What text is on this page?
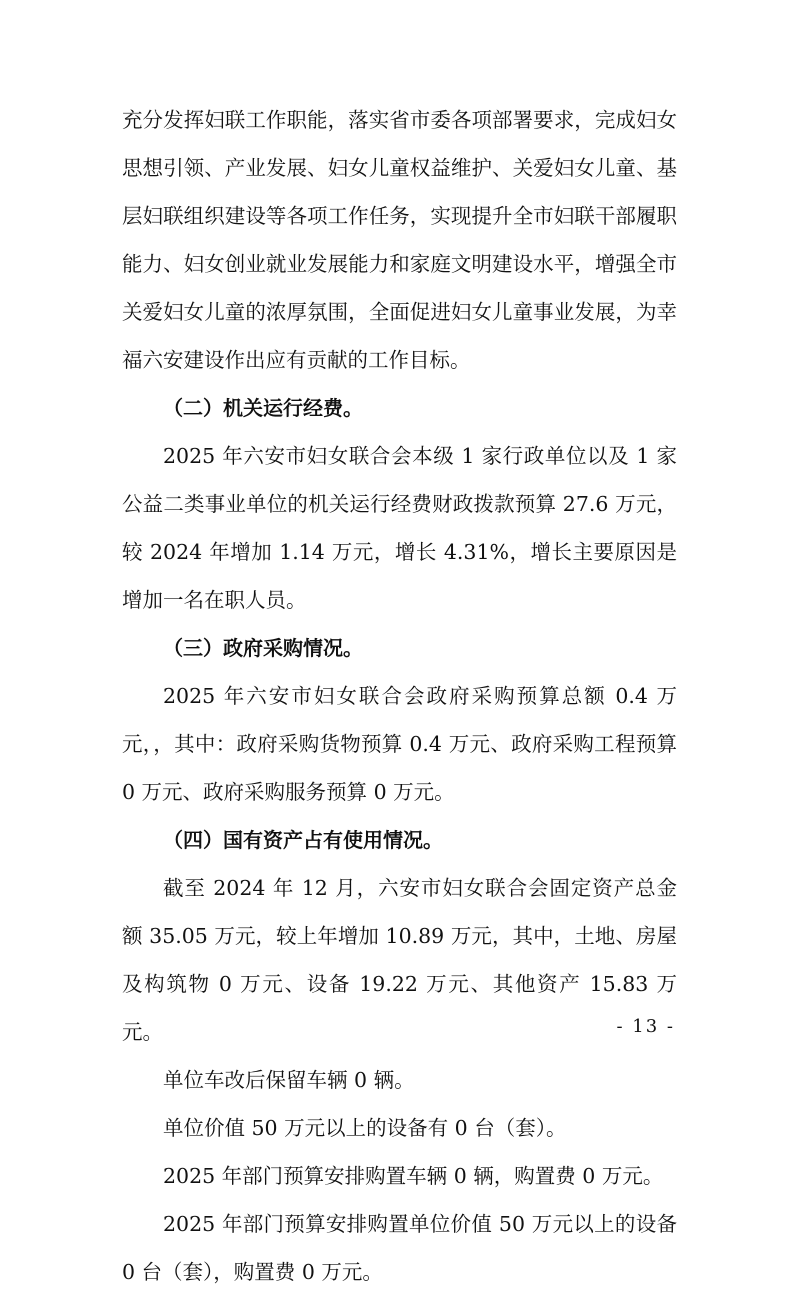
充分发挥妇联工作职能，落实省市委各项部署要求，完成妇女思想引领、产业发展、妇女儿童权益维护、关爱妇女儿童、基层妇联组织建设等各项工作任务，实现提升全市妇联干部履职能力、妇女创业就业发展能力和家庭文明建设水平，增强全市关爱妇女儿童的浓厚氛围，全面促进妇女儿童事业发展，为幸福六安建设作出应有贡献的工作目标。

（二）机关运行经费。

2025 年六安市妇女联合会本级 1 家行政单位以及 1 家公益二类事业单位的机关运行经费财政拨款预算 27.6 万元，较 2024 年增加 1.14 万元，增长 4.31%，增长主要原因是增加一名在职人员。

（三）政府采购情况。

2025 年六安市妇女联合会政府采购预算总额 0.4 万元，，其中：政府采购货物预算 0.4 万元、政府采购工程预算 0 万元、政府采购服务预算 0 万元。

（四）国有资产占有使用情况。

截至 2024 年 12 月，六安市妇女联合会固定资产总金额 35.05 万元，较上年增加 10.89 万元，其中，土地、房屋及构筑物 0 万元、设备 19.22 万元、其他资产 15.83 万元。

单位车改后保留车辆 0 辆。

单位价值 50 万元以上的设备有 0 台（套）。

2025 年部门预算安排购置车辆 0 辆，购置费 0 万元。

2025 年部门预算安排购置单位价值 50 万元以上的设备 0 台（套），购置费 0 万元。

- 13 -
